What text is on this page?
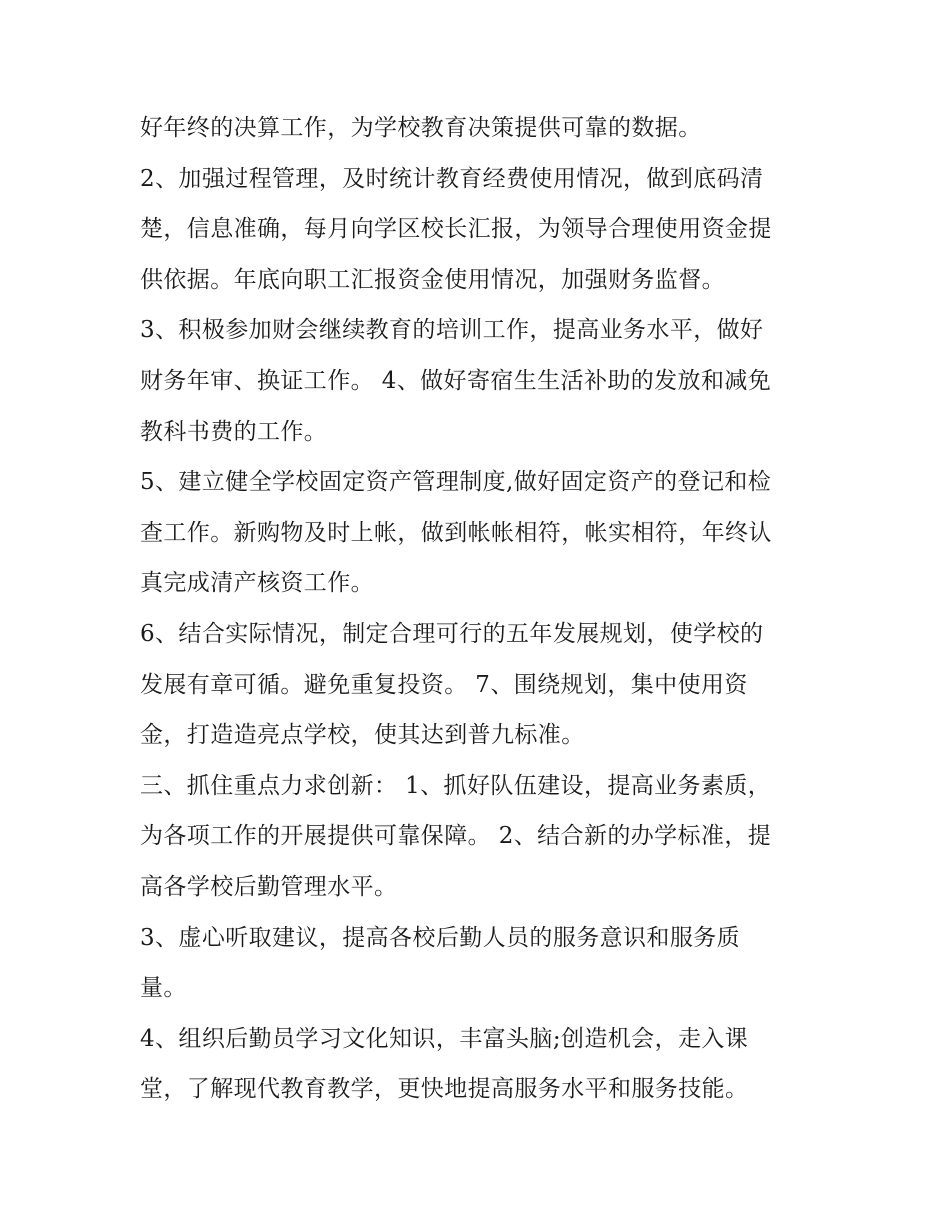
好年终的决算工作，为学校教育决策提供可靠的数据。
2、加强过程管理，及时统计教育经费使用情况，做到底码清
楚，信息准确，每月向学区校长汇报，为领导合理使用资金提
供依据。年底向职工汇报资金使用情况，加强财务监督。
3、积极参加财会继续教育的培训工作，提高业务水平，做好
财务年审、换证工作。 4、做好寄宿生生活补助的发放和减免
教科书费的工作。
5、建立健全学校固定资产管理制度,做好固定资产的登记和检
查工作。新购物及时上帐，做到帐帐相符，帐实相符，年终认
真完成清产核资工作。
6、结合实际情况，制定合理可行的五年发展规划，使学校的
发展有章可循。避免重复投资。 7、围绕规划，集中使用资
金，打造造亮点学校，使其达到普九标准。
三、抓住重点力求创新： 1、抓好队伍建设，提高业务素质，
为各项工作的开展提供可靠保障。 2、结合新的办学标准，提
高各学校后勤管理水平。
3、虚心听取建议，提高各校后勤人员的服务意识和服务质
量。
4、组织后勤员学习文化知识，丰富头脑;创造机会，走入课
堂，了解现代教育教学，更快地提高服务水平和服务技能。
